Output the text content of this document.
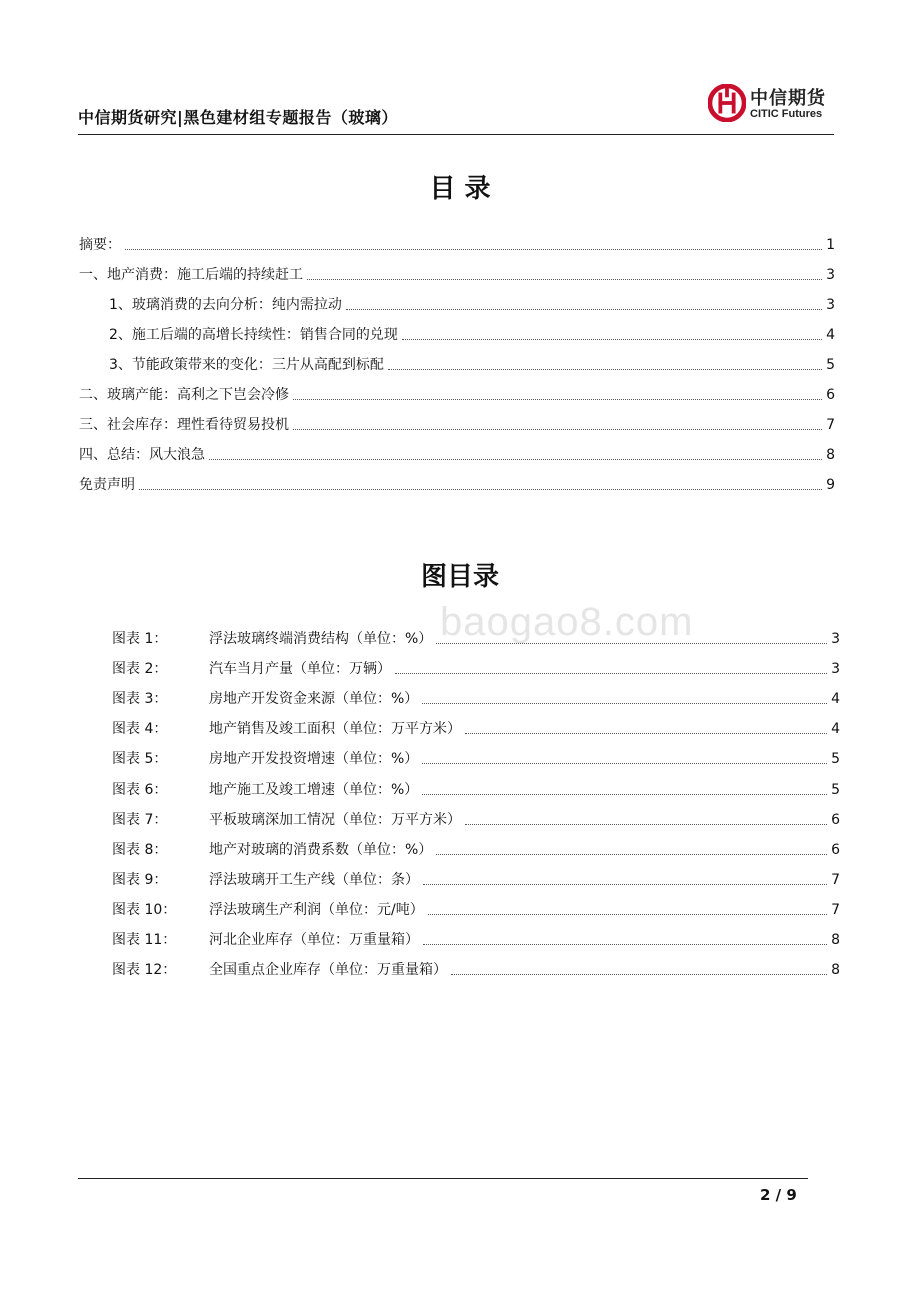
中信期货研究|黑色建材组专题报告（玻璃）
中信期货
CITIC Futures
目 录
摘要：	1
一、地产消费：施工后端的持续赶工	3
1、玻璃消费的去向分析：纯内需拉动	3
2、施工后端的高增长持续性：销售合同的兑现	4
3、节能政策带来的变化：三片从高配到标配	5
二、玻璃产能：高利之下岂会冷修	6
三、社会库存：理性看待贸易投机	7
四、总结：风大浪急	8
免责声明	9
图目录
baogao8.com
图表 1：	浮法玻璃终端消费结构（单位：%）	3
图表 2：	汽车当月产量（单位：万辆）	3
图表 3：	房地产开发资金来源（单位：%）	4
图表 4：	地产销售及竣工面积（单位：万平方米）	4
图表 5：	房地产开发投资增速（单位：%）	5
图表 6：	地产施工及竣工增速（单位：%）	5
图表 7：	平板玻璃深加工情况（单位：万平方米）	6
图表 8：	地产对玻璃的消费系数（单位：%）	6
图表 9：	浮法玻璃开工生产线（单位：条）	7
图表 10：	浮法玻璃生产利润（单位：元/吨）	7
图表 11：	河北企业库存（单位：万重量箱）	8
图表 12：	全国重点企业库存（单位：万重量箱）	8
2 / 9
